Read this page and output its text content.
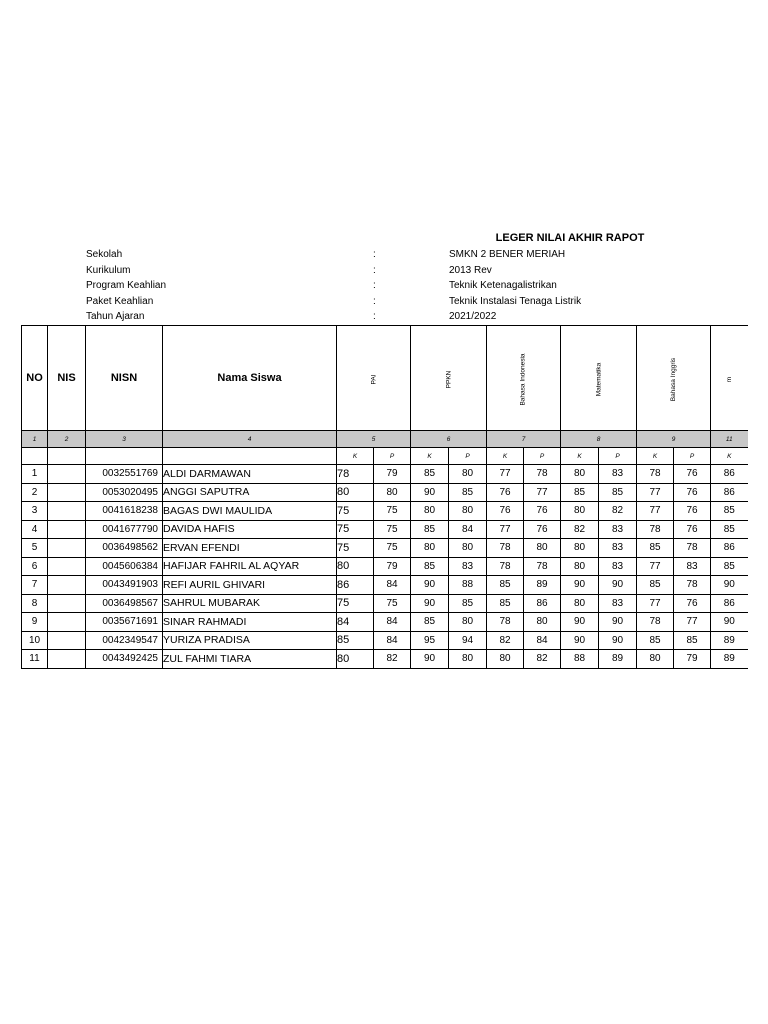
LEGER NILAI AKHIR RAPOT
Sekolah	:	SMKN 2 BENER MERIAH
Kurikulum	:	2013 Rev
Program Keahlian	:	Teknik Ketenagalistrikan
Paket Keahlian	:	Teknik Instalasi Tenaga Listrik
Tahun Ajaran	:	2021/2022
NO	NIS	NISN	Nama Siswa	PAI		PPKN		Bahasa Indonesia		Matematika		Bahasa Inggris		m
1	2	3	4	5		6		7		8		9		11
				K	P	K	P	K	P	K	P	K	P	K
1		0032551769	ALDI DARMAWAN	78	79	85	80	77	78	80	83	78	76	86
2		0053020495	ANGGI SAPUTRA	80	80	90	85	76	77	85	85	77	76	86
3		0041618238	BAGAS DWI MAULIDA	75	75	80	80	76	76	80	82	77	76	85
4		0041677790	DAVIDA HAFIS	75	75	85	84	77	76	82	83	78	76	85
5		0036498562	ERVAN EFENDI	75	75	80	80	78	80	80	83	85	78	86
6		0045606384	HAFIJAR FAHRIL AL AQYAR	80	79	85	83	78	78	80	83	77	83	85
7		0043491903	REFI AURIL GHIVARI	86	84	90	88	85	89	90	90	85	78	90
8		0036498567	SAHRUL MUBARAK	75	75	90	85	85	86	80	83	77	76	86
9		0035671691	SINAR RAHMADI	84	84	85	80	78	80	90	90	78	77	90
10		0042349547	YURIZA PRADISA	85	84	95	94	82	84	90	90	85	85	89
11		0043492425	ZUL FAHMI TIARA	80	82	90	80	80	82	88	89	80	79	89
